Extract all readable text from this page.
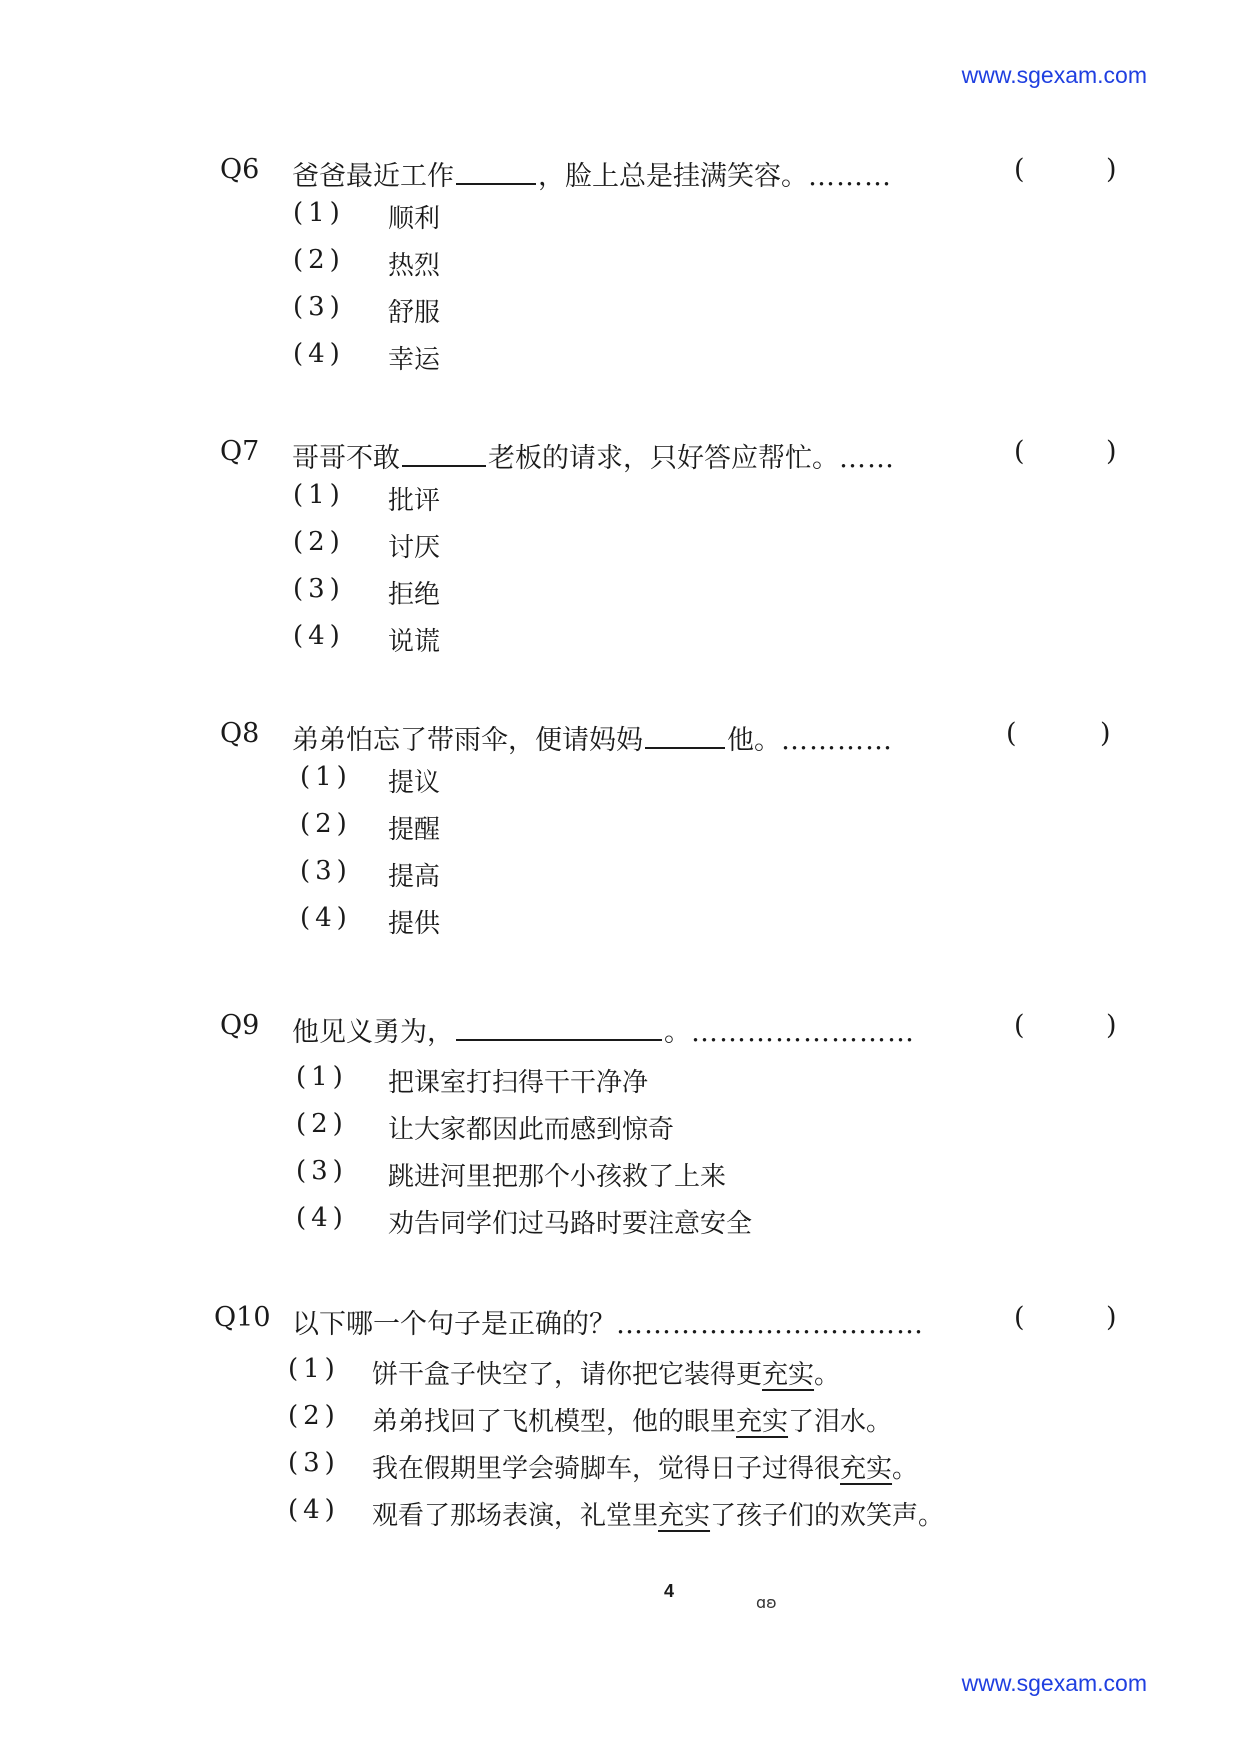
www.sgexam.com
Q6 爸爸最近工作	，脸上总是挂满笑容。………	(	)
(1) 顺利
(2) 热烈
(3) 舒服
(4) 幸运
Q7 哥哥不敢	老板的请求，只好答应帮忙。……	(	)
(1) 批评
(2) 讨厌
(3) 拒绝
(4) 说谎
Q8 弟弟怕忘了带雨伞，便请妈妈	他。…………	(	)
(1) 提议
(2) 提醒
(3) 提高
(4) 提供
Q9 他见义勇为，	。……………………	(	)
(1) 把课室打扫得干干净净
(2) 让大家都因此而感到惊奇
(3) 跳进河里把那个小孩救了上来
(4) 劝告同学们过马路时要注意安全
Q10 以下哪一个句子是正确的？……………………………	(	)
(1) 饼干盒子快空了，请你把它装得更充实。
(2) 弟弟找回了飞机模型，他的眼里充实了泪水。
(3) 我在假期里学会骑脚车，觉得日子过得很充实。
(4) 观看了那场表演，礼堂里充实了孩子们的欢笑声。
4
ɑʚ
www.sgexam.com
